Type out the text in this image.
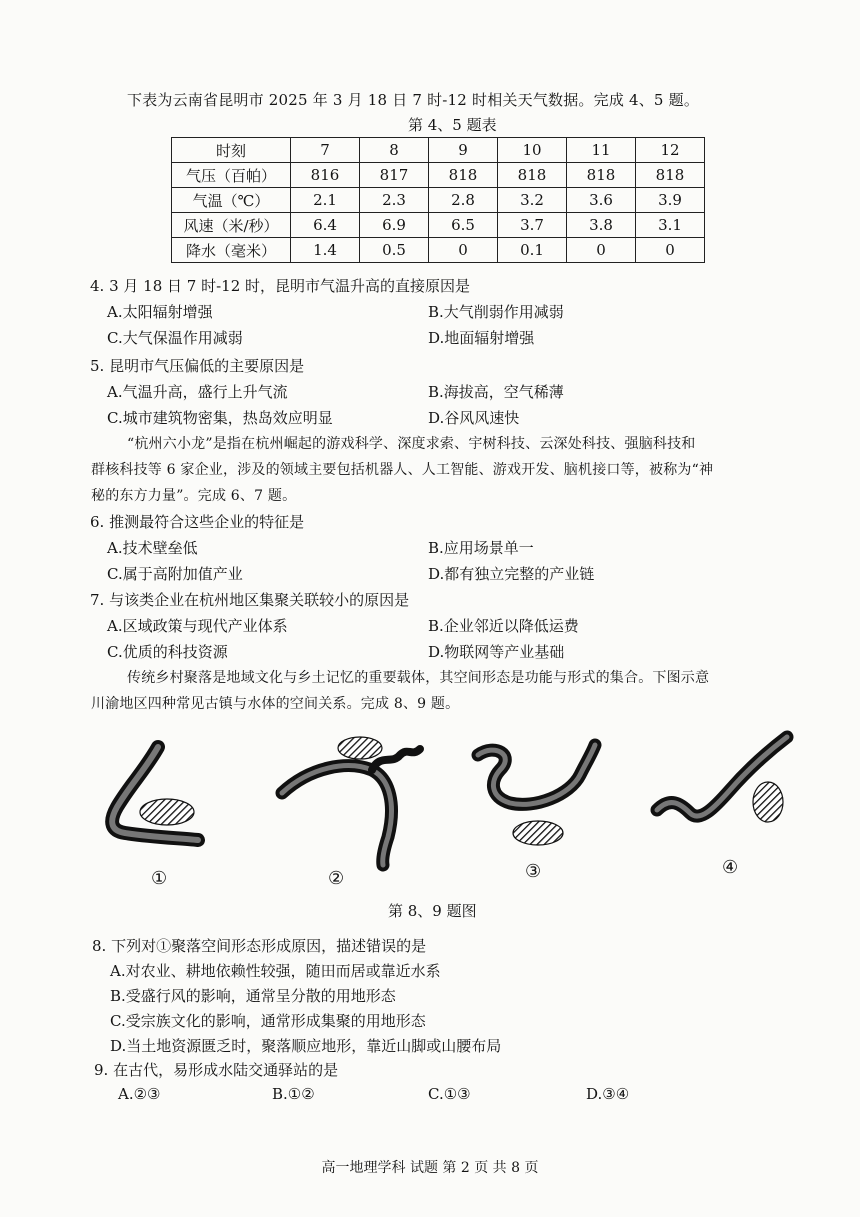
下表为云南省昆明市 2025 年 3 月 18 日 7 时-12 时相关天气数据。完成 4、5 题。
第 4、5 题表
时刻	7	8	9	10	11	12
气压（百帕）	816	817	818	818	818	818
气温（℃）	2.1	2.3	2.8	3.2	3.6	3.9
风速（米/秒）	6.4	6.9	6.5	3.7	3.8	3.1
降水（毫米）	1.4	0.5	0	0.1	0	0
4. 3 月 18 日 7 时-12 时，昆明市气温升高的直接原因是
A.太阳辐射增强	B.大气削弱作用减弱
C.大气保温作用减弱	D.地面辐射增强
5. 昆明市气压偏低的主要原因是
A.气温升高，盛行上升气流	B.海拔高，空气稀薄
C.城市建筑物密集，热岛效应明显	D.谷风风速快
“杭州六小龙”是指在杭州崛起的游戏科学、深度求索、宇树科技、云深处科技、强脑科技和
群核科技等 6 家企业，涉及的领域主要包括机器人、人工智能、游戏开发、脑机接口等，被称为“神
秘的东方力量”。完成 6、7 题。
6. 推测最符合这些企业的特征是
A.技术壁垒低	B.应用场景单一
C.属于高附加值产业	D.都有独立完整的产业链
7. 与该类企业在杭州地区集聚关联较小的原因是
A.区域政策与现代产业体系	B.企业邻近以降低运费
C.优质的科技资源	D.物联网等产业基础
传统乡村聚落是地域文化与乡土记忆的重要载体，其空间形态是功能与形式的集合。下图示意
川渝地区四种常见古镇与水体的空间关系。完成 8、9 题。
①	②	③	④
第 8、9 题图
8. 下列对①聚落空间形态形成原因，描述错误的是
A.对农业、耕地依赖性较强，随田而居或靠近水系
B.受盛行风的影响，通常呈分散的用地形态
C.受宗族文化的影响，通常形成集聚的用地形态
D.当土地资源匮乏时，聚落顺应地形，靠近山脚或山腰布局
9. 在古代，易形成水陆交通驿站的是
A.②③	B.①②	C.①③	D.③④
高一地理学科 试题 第 2 页 共 8 页
